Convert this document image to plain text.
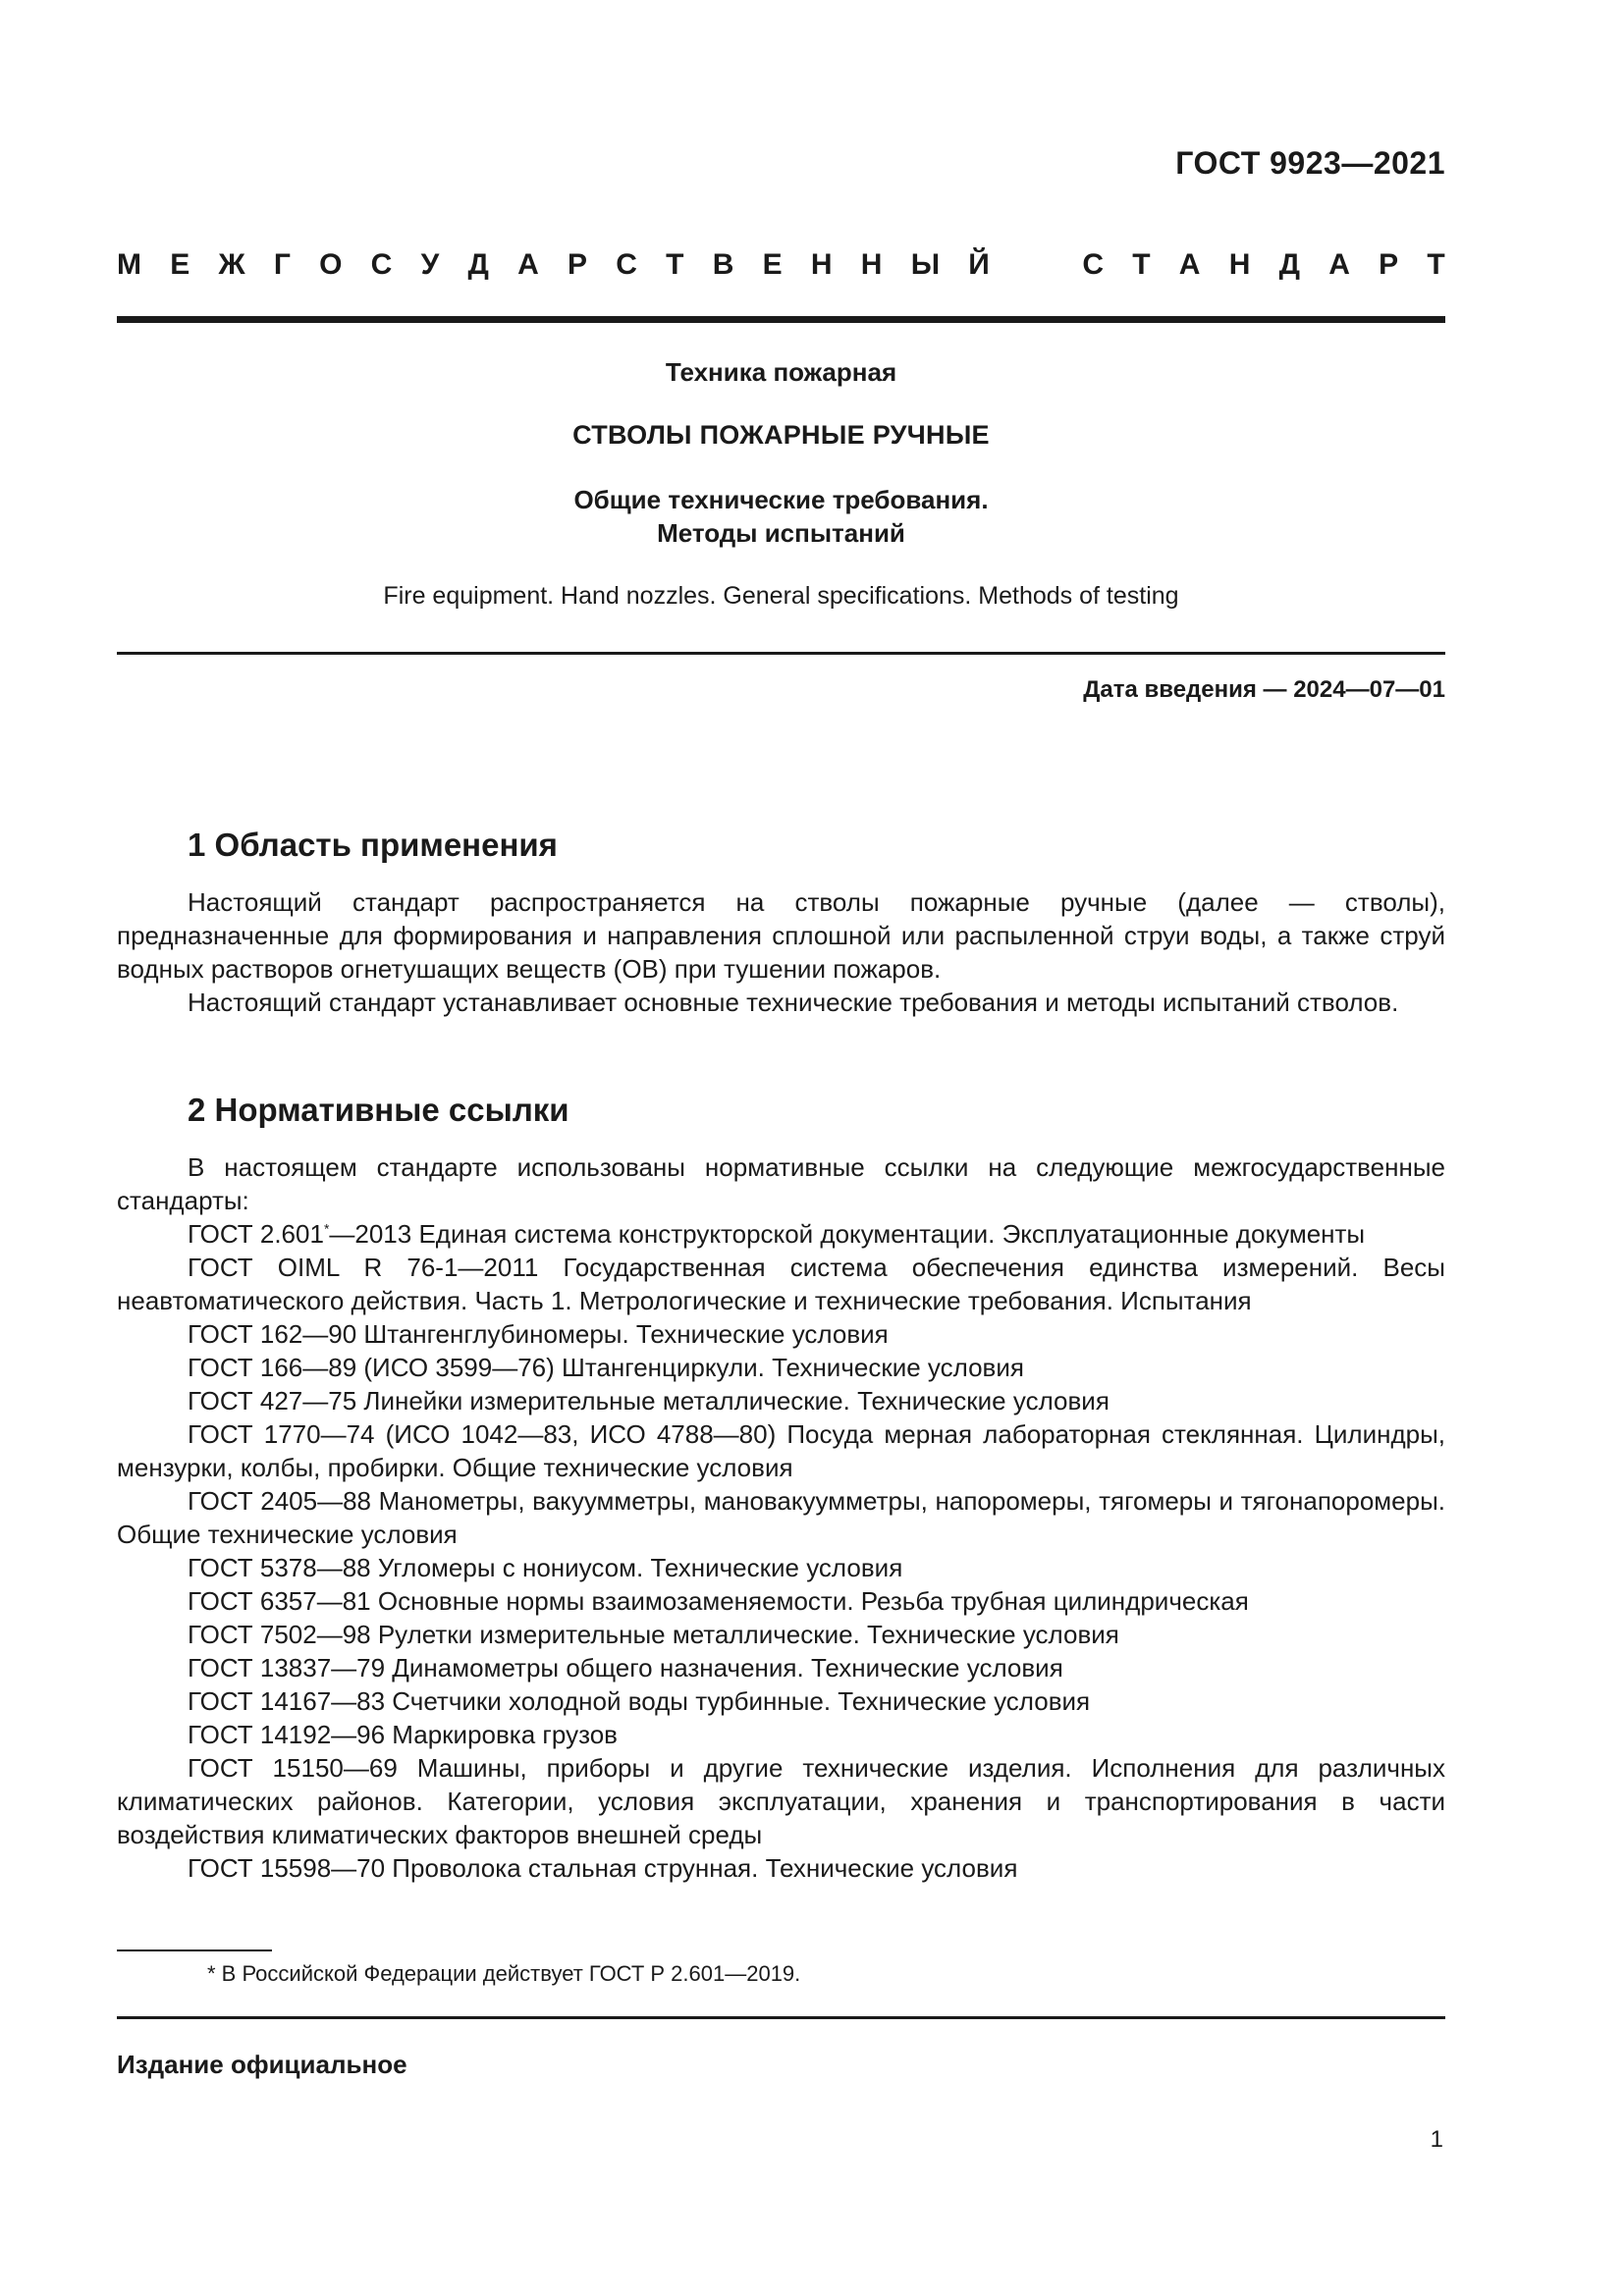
ГОСТ 9923—2021
М Е Ж Г О С У Д А Р С Т В Е Н Н Ы Й	С Т А Н Д А Р Т
Техника пожарная
СТВОЛЫ ПОЖАРНЫЕ РУЧНЫЕ
Общие технические требования.
Методы испытаний
Fire equipment. Hand nozzles. General specifications. Methods of testing
Дата введения — 2024—07—01
1 Область применения

Настоящий стандарт распространяется на стволы пожарные ручные (далее — стволы), предназначенные для формирования и направления сплошной или распыленной струи воды, а также струй водных растворов огнетушащих веществ (ОВ) при тушении пожаров.

Настоящий стандарт устанавливает основные технические требования и методы испытаний стволов.

2 Нормативные ссылки

В настоящем стандарте использованы нормативные ссылки на следующие межгосударственные стандарты:

ГОСТ 2.601*—2013 Единая система конструкторской документации. Эксплуатационные документы

ГОСТ OIML R 76-1—2011 Государственная система обеспечения единства измерений. Весы неавтоматического действия. Часть 1. Метрологические и технические требования. Испытания

ГОСТ 162—90 Штангенглубиномеры. Технические условия

ГОСТ 166—89 (ИСО 3599—76) Штангенциркули. Технические условия

ГОСТ 427—75 Линейки измерительные металлические. Технические условия

ГОСТ 1770—74 (ИСО 1042—83, ИСО 4788—80) Посуда мерная лабораторная стеклянная. Цилиндры, мензурки, колбы, пробирки. Общие технические условия

ГОСТ 2405—88 Манометры, вакуумметры, мановакуумметры, напоромеры, тягомеры и тягонапоромеры. Общие технические условия

ГОСТ 5378—88 Угломеры с нониусом. Технические условия

ГОСТ 6357—81 Основные нормы взаимозаменяемости. Резьба трубная цилиндрическая

ГОСТ 7502—98 Рулетки измерительные металлические. Технические условия

ГОСТ 13837—79 Динамометры общего назначения. Технические условия

ГОСТ 14167—83 Счетчики холодной воды турбинные. Технические условия

ГОСТ 14192—96 Маркировка грузов

ГОСТ 15150—69 Машины, приборы и другие технические изделия. Исполнения для различных климатических районов. Категории, условия эксплуатации, хранения и транспортирования в части воздействия климатических факторов внешней среды

ГОСТ 15598—70 Проволока стальная струнная. Технические условия

* В Российской Федерации действует ГОСТ Р 2.601—2019.
Издание официальное
1
